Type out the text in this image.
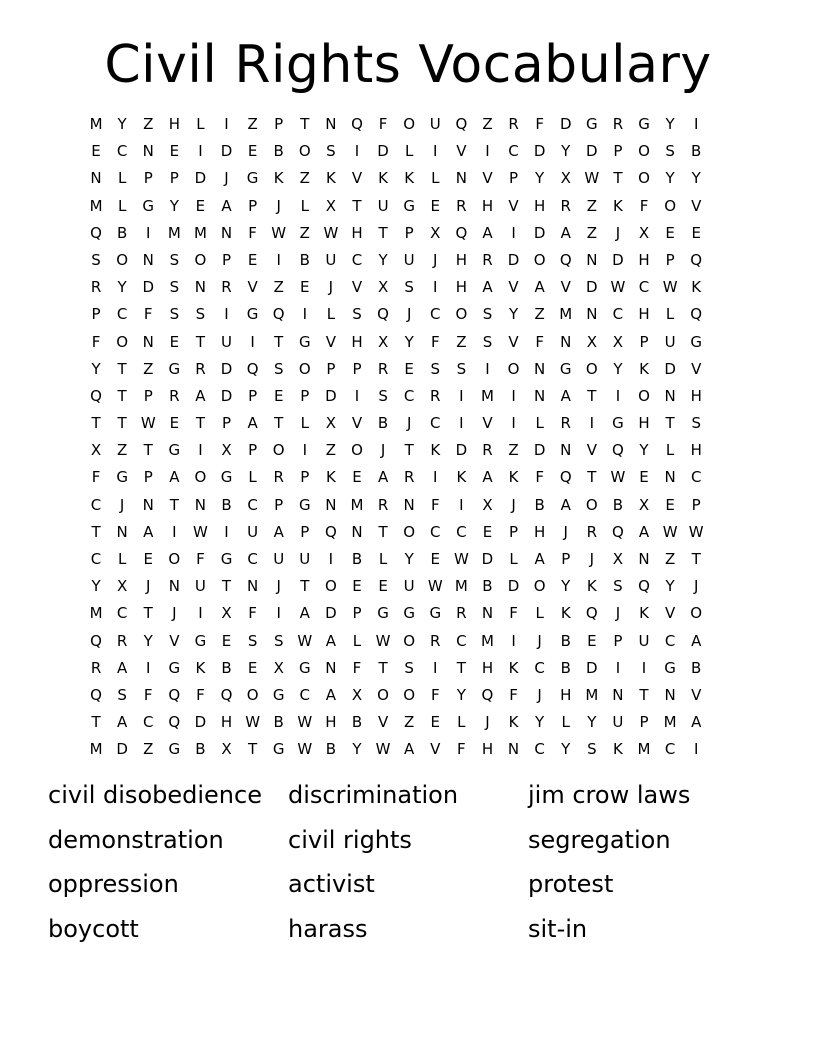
Civil Rights Vocabulary
M	Y	Z	H	L	I	Z	P	T	N Q	F	O U Q	Z	R	F	D G	R	G	Y	I
E	C	N	E	I	D	E	B	O	S	I	D	L	I	V	I	C	D	Y	D	P	O	S	B
N	L	P	P	D	J	G	K	Z	K	V	K	K	L	N	V	P	Y	X W T	O	Y	Y
M	L	G	Y	E	A	P	J	L	X	T	U G	E	R	H	V	H	R	Z	K	F	O	V
Q	B	I	M M N	F W Z W H	T	P	X	Q	A	I	D	A	Z	J	X	E	E
S	O N	S	O	P	E	I	B	U	C	Y	U	J	H	R	D O Q N D H	P	Q
R	Y	D	S	N	R	V	Z	E	J	V	X	S	I	H	A	V	A	V	D W C W K
P	C	F	S	S	I	G Q	I	L	S	Q	J	C O	S	Y	Z M N	C	H	L	Q
F	O N	E	T	U	I	T	G	V	H	X	Y	F	Z	S	V	F	N	X	X	P	U G
Y	T	Z	G	R	D Q	S	O	P	P	R	E	S	S	I	O N G O	Y	K	D	V
Q	T	P	R	A	D	P	E	P	D	I	S	C	R	I	M	I	N	A	T	I	O N H
T	T W E	T	P	A	T	L	X	V	B	J	C	I	V	I	L	R	I	G H	T	S
X	Z	T	G	I	X	P	O	I	Z	O	J	T	K	D	R	Z	D N	V	Q	Y	L	H
F	G	P	A	O G	L	R	P	K	E	A	R	I	K	A	K	F	Q	T W E	N	C
C	J	N	T	N	B	C	P	G N M R	N	F	I	X	J	B	A	O	B	X	E	P
T	N	A	I	W	I	U	A	P	Q N	T	O C	C	E	P	H	J	R Q	A W W
C	L	E	O	F	G	C	U	U	I	B	L	Y	E W D	L	A	P	J	X	N	Z	T
Y	X	J	N U	T	N	J	T	O	E	E	U W M B	D O	Y	K	S	Q	Y	J
M C	T	J	I	X	F	I	A	D	P	G G G	R	N	F	L	K	Q	J	K	V	O
Q R	Y	V	G	E	S	S W A	L W O R	C M	I	J	B	E	P	U	C	A
R	A	I	G	K	B	E	X	G N	F	T	S	I	T	H	K	C	B	D	I	I	G	B
Q	S	F	Q	F	Q O G	C	A	X	O O	F	Y	Q	F	J	H M N	T	N	V
T	A	C Q D H W B W H	B	V	Z	E	L	J	K	Y	L	Y	U	P	M A
M D	Z	G	B	X	T	G W B	Y W A	V	F	H N	C	Y	S	K M C	I
civil disobedience	discrimination	jim crow laws
demonstration	civil rights	segregation
oppression	activist	protest
boycott	harass	sit-in
